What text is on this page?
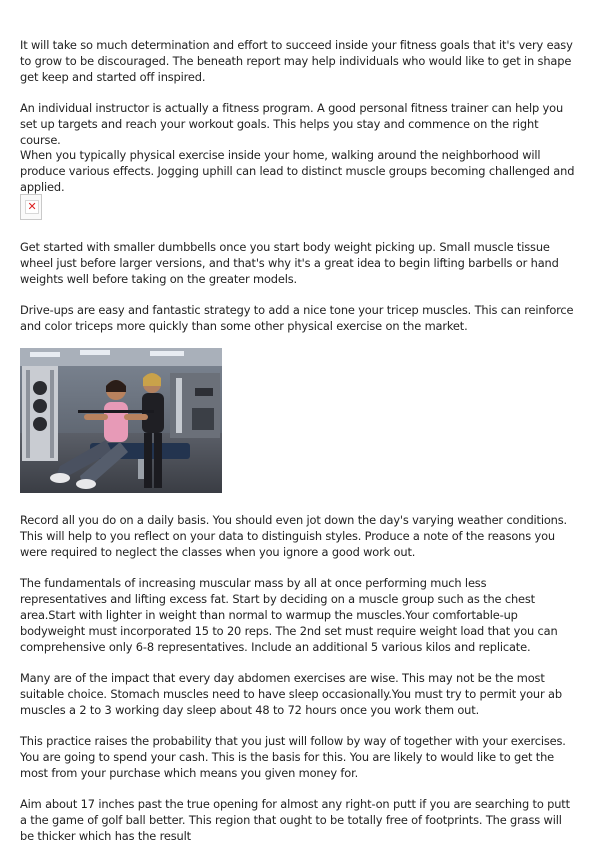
It will take so much determination and effort to succeed inside your fitness goals that it's very easy to grow to be discouraged. The beneath report may help individuals who would like to get in shape get keep and started off inspired.

An individual instructor is actually a fitness program. A good personal fitness trainer can help you set up targets and reach your workout goals. This helps you stay and commence on the right course.

When you typically physical exercise inside your home, walking around the neighborhood will produce various effects. Jogging uphill can lead to distinct muscle groups becoming challenged and applied.

✕

Get started with smaller dumbbells once you start body weight picking up. Small muscle tissue wheel just before larger versions, and that's why it's a great idea to begin lifting barbells or hand weights well before taking on the greater models.

Drive-ups are easy and fantastic strategy to add a nice tone your tricep muscles. This can reinforce and color triceps more quickly than some other physical exercise on the market.

Record all you do on a daily basis. You should even jot down the day's varying weather conditions. This will help to you reflect on your data to distinguish styles. Produce a note of the reasons you were required to neglect the classes when you ignore a good work out.

The fundamentals of increasing muscular mass by all at once performing much less representatives and lifting excess fat. Start by deciding on a muscle group such as the chest area.Start with lighter in weight than normal to warmup the muscles.Your comfortable-up bodyweight must incorporated 15 to 20 reps. The 2nd set must require weight load that you can comprehensive only 6-8 representatives. Include an additional 5 various kilos and replicate.

Many are of the impact that every day abdomen exercises are wise. This may not be the most suitable choice. Stomach muscles need to have sleep occasionally.You must try to permit your ab muscles a 2 to 3 working day sleep about 48 to 72 hours once you work them out.

This practice raises the probability that you just will follow by way of together with your exercises. You are going to spend your cash. This is the basis for this. You are likely to would like to get the most from your purchase which means you given money for.

Aim about 17 inches past the true opening for almost any right-on putt if you are searching to putt a the game of golf ball better. This region that ought to be totally free of footprints. The grass will be thicker which has the result
